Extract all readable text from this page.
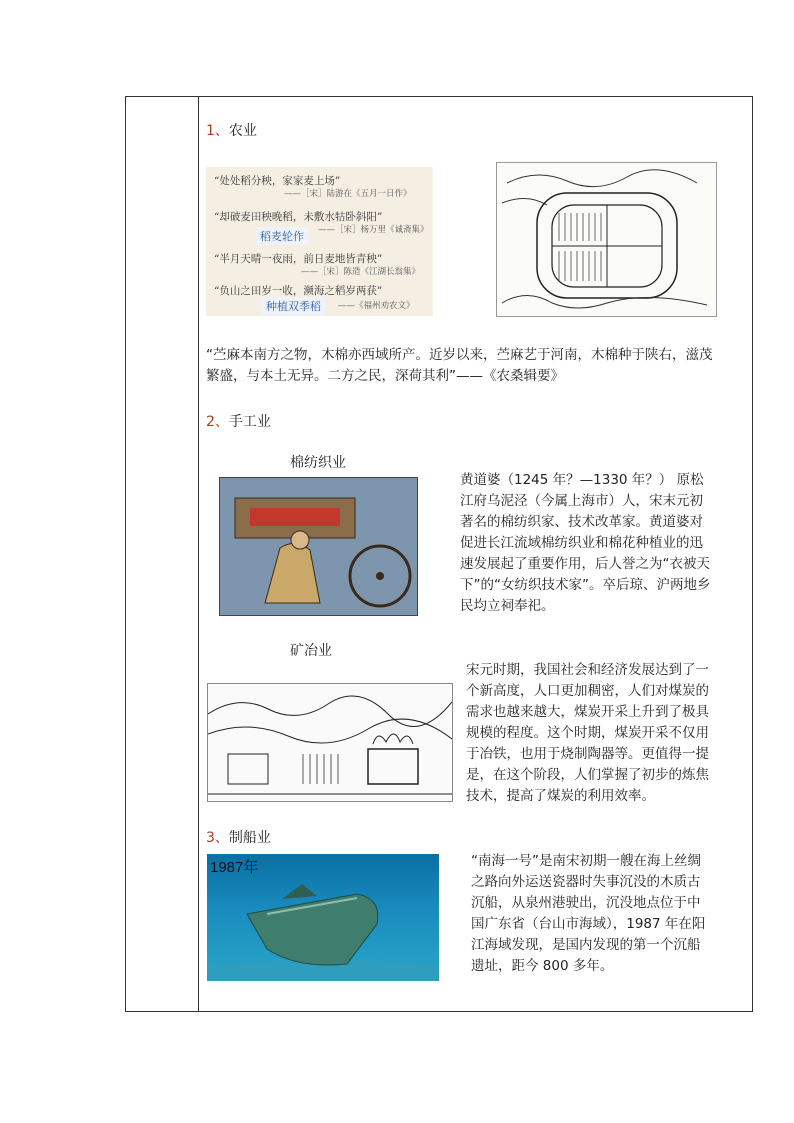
1、农业
“处处稻分秧，家家麦上场”
——［宋］陆游在《五月一日作》
“却破麦田秧晚稻，未敷水牯卧斜阳”
稻麦轮作	——［宋］杨万里《诚斋集》
“半月天晴一夜雨，前日麦地皆青秧”
——［宋］陈造《江湖长翁集》
“负山之田岁一收，濒海之稻岁两获”
种植双季稻	——《福州劝农文》
“苎麻本南方之物，木棉亦西域所产。近岁以来，苎麻艺于河南，木棉种于陕右，滋茂繁盛，与本土无异。二方之民，深荷其利”——《农桑辑要》
2、手工业
棉纺织业
黄道婆（1245 年？—1330 年？） 原松江府乌泥泾（今属上海市）人，宋末元初著名的棉纺织家、技术改革家。黄道婆对促进长江流域棉纺织业和棉花种植业的迅速发展起了重要作用，后人誉之为“衣被天下”的“女纺织技术家”。卒后琼、沪两地乡民均立祠奉祀。
矿冶业
宋元时期，我国社会和经济发展达到了一个新高度，人口更加稠密，人们对煤炭的需求也越来越大，煤炭开采上升到了极具规模的程度。这个时期，煤炭开采不仅用于冶铁，也用于烧制陶器等。更值得一提是，在这个阶段，人们掌握了初步的炼焦技术，提高了煤炭的利用效率。
3、制船业
1987年	“南海一号”是南宋初期一艘在海上丝绸之路向外运送瓷器时失事沉没的木质古沉船，从泉州港驶出，沉没地点位于中国广东省（台山市海域），1987 年在阳江海域发现，是国内发现的第一个沉船遗址，距今 800 多年。
